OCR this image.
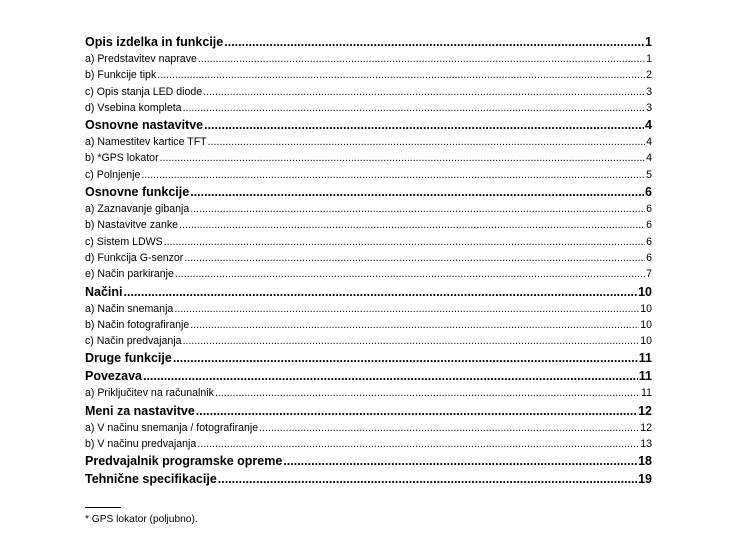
Opis izdelka in funkcije .....	1
a) Predstavitev naprave .....	1
b) Funkcije tipk .....	2
c) Opis stanja LED diode .....	3
d) Vsebina kompleta .....	3
Osnovne nastavitve .....	4
a) Namestitev kartice TFT .....	4
b) *GPS lokator .....	4
c) Polnjenje .....	5
Osnovne funkcije .....	6
a) Zaznavanje gibanja .....	6
b) Nastavitve zanke .....	6
c) Sistem LDWS .....	6
d) Funkcija G-senzor .....	6
e) Način parkiranje .....	7
Načini .....	10
a) Način snemanja .....	10
b) Način fotografiranje .....	10
c) Način predvajanja .....	10
Druge funkcije .....	11
Povezava .....	11
a) Priključitev na računalnik .....	11
Meni za nastavitve .....	12
a) V načinu snemanja / fotografiranje .....	12
b) V načinu predvajanja .....	13
Predvajalnik programske opreme .....	18
Tehnične specifikacije .....	19
* GPS lokator (poljubno).
